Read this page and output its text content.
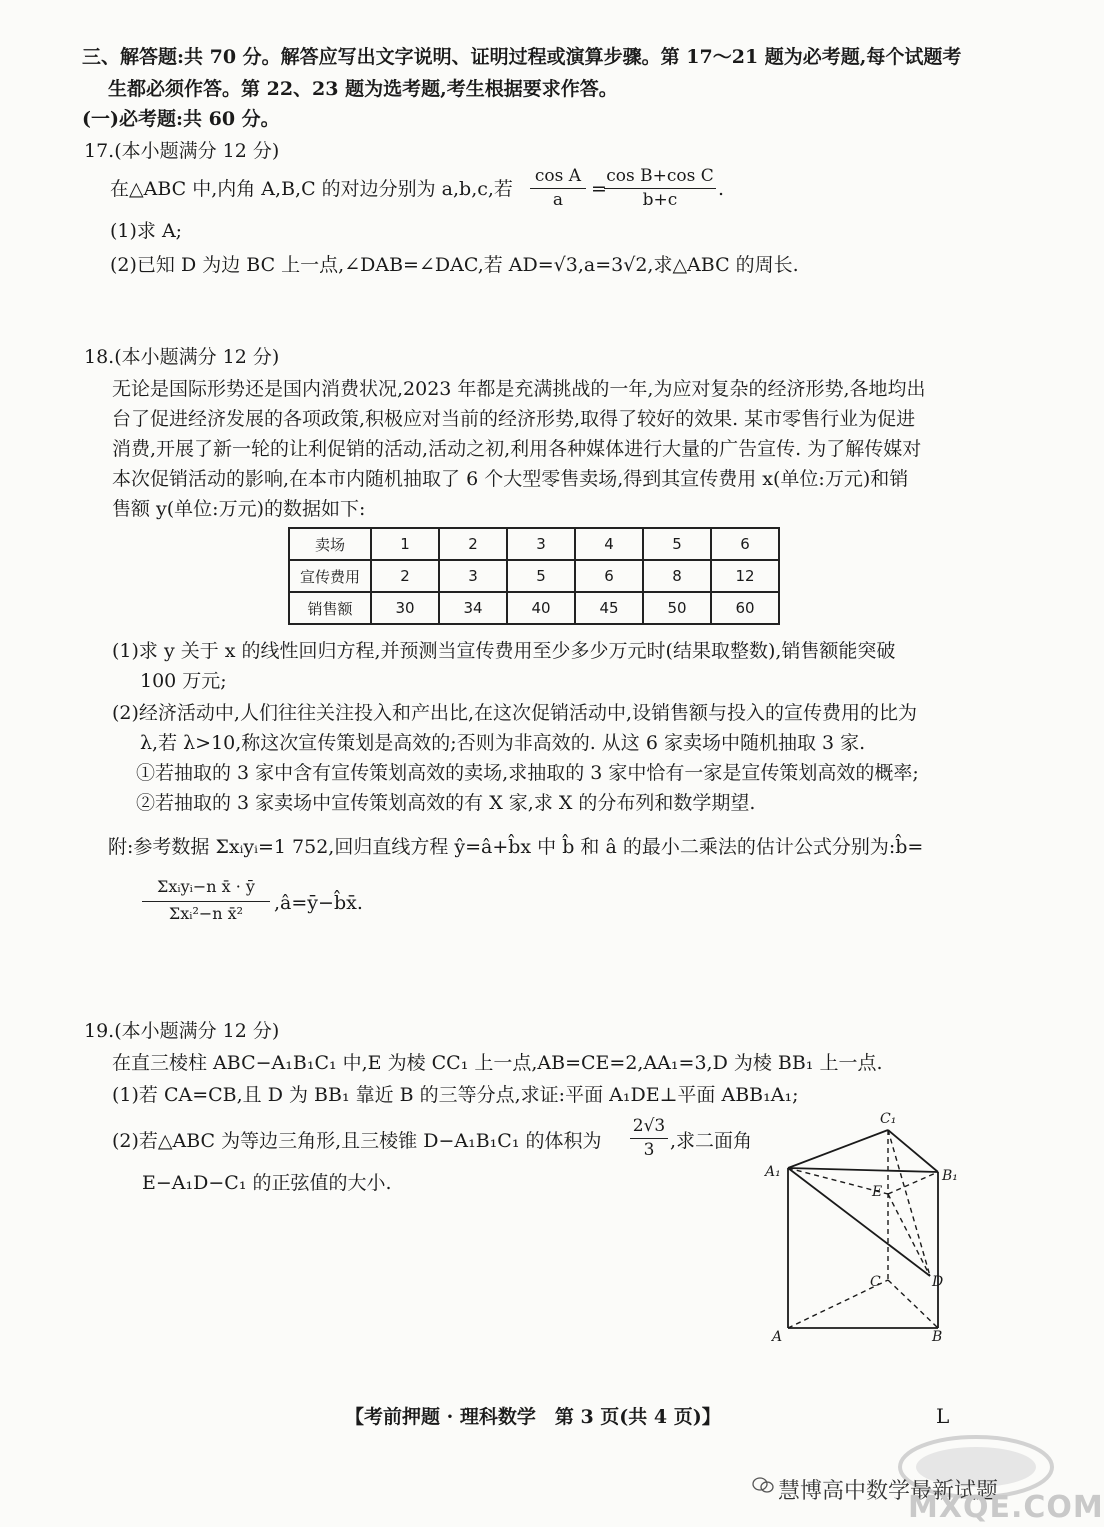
三、解答题:共 70 分。解答应写出文字说明、证明过程或演算步骤。第 17～21 题为必考题,每个试题考
生都必须作答。第 22、23 题为选考题,考生根据要求作答。
(一)必考题:共 60 分。
17.(本小题满分 12 分)
在△ABC 中,内角 A,B,C 的对边分别为 a,b,c,若
cos A
a	=
cos B+cos C
b+c	.
(1)求 A;
(2)已知 D 为边 BC 上一点,∠DAB=∠DAC,若 AD=√3,a=3√2,求△ABC 的周长.
18.(本小题满分 12 分)
无论是国际形势还是国内消费状况,2023 年都是充满挑战的一年,为应对复杂的经济形势,各地均出
台了促进经济发展的各项政策,积极应对当前的经济形势,取得了较好的效果. 某市零售行业为促进
消费,开展了新一轮的让利促销的活动,活动之初,利用各种媒体进行大量的广告宣传. 为了解传媒对
本次促销活动的影响,在本市内随机抽取了 6 个大型零售卖场,得到其宣传费用 x(单位:万元)和销
售额 y(单位:万元)的数据如下:
卖场	1	2	3	4	5	6
宣传费用	2	3	5	6	8	12
销售额	30	34	40	45	50	60
(1)求 y 关于 x 的线性回归方程,并预测当宣传费用至少多少万元时(结果取整数),销售额能突破
100 万元;
(2)经济活动中,人们往往关注投入和产出比,在这次促销活动中,设销售额与投入的宣传费用的比为
λ,若 λ>10,称这次宣传策划是高效的;否则为非高效的. 从这 6 家卖场中随机抽取 3 家.
①若抽取的 3 家中含有宣传策划高效的卖场,求抽取的 3 家中恰有一家是宣传策划高效的概率;
②若抽取的 3 家卖场中宣传策划高效的有 X 家,求 X 的分布列和数学期望.
附:参考数据 Σxᵢyᵢ=1 752,回归直线方程 ŷ=â+b̂x 中 b̂ 和 â 的最小二乘法的估计公式分别为:b̂=
Σxᵢyᵢ−n x̄ · ȳ
Σxᵢ²−n x̄²	,â=ȳ−b̂x̄.
19.(本小题满分 12 分)
在直三棱柱 ABC−A₁B₁C₁ 中,E 为棱 CC₁ 上一点,AB=CE=2,AA₁=3,D 为棱 BB₁ 上一点.
(1)若 CA=CB,且 D 为 BB₁ 靠近 B 的三等分点,求证:平面 A₁DE⊥平面 ABB₁A₁;
(2)若△ABC 为等边三角形,且三棱锥 D−A₁B₁C₁ 的体积为
2√3
3 ,求二面角
E−A₁D−C₁ 的正弦值的大小.
C₁
A₁	B₁
E
C	D
A	B
【考前押题 · 理科数学　第 3 页(共 4 页)】	L
慧博高中数学最新试题
MXQE.COM
